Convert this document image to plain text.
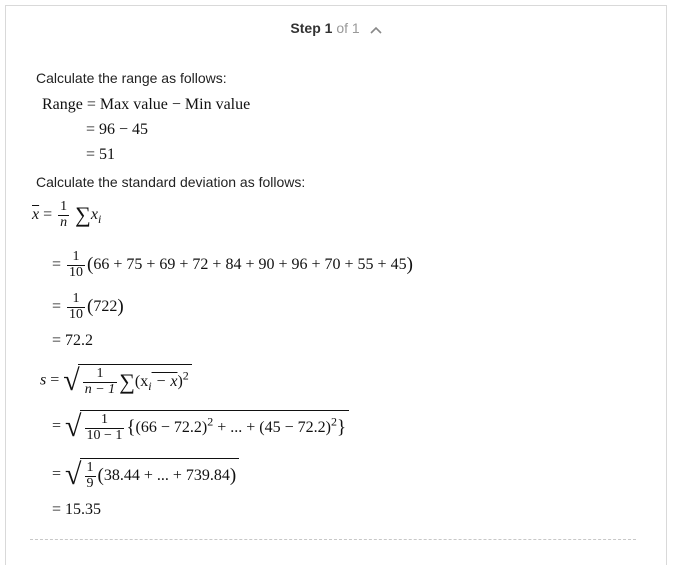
Step 1 of 1
Calculate the range as follows:
Range = Max value − Min value
= 96 − 45
= 51
Calculate the standard deviation as follows:
$\overline{x} = \frac{1}{n} \sum x_i$
= $\frac{1}{10} (66 + 75 + 69 + 72 + 84 + 90 + 96 + 70 + 55 + 45)$
= $\frac{1}{10} (722)$
= 72.2
s = √ $\frac{1}{n - 1} \sum(x_i - x)^2$
= √ $\frac{1}{10 - 1} \{(66 - 72.2)^2$ + ... + $(45 - 72.2)^2$}
= √ $\frac{1}{9} (38.44$ + ... + 739.84)
= 15.35
